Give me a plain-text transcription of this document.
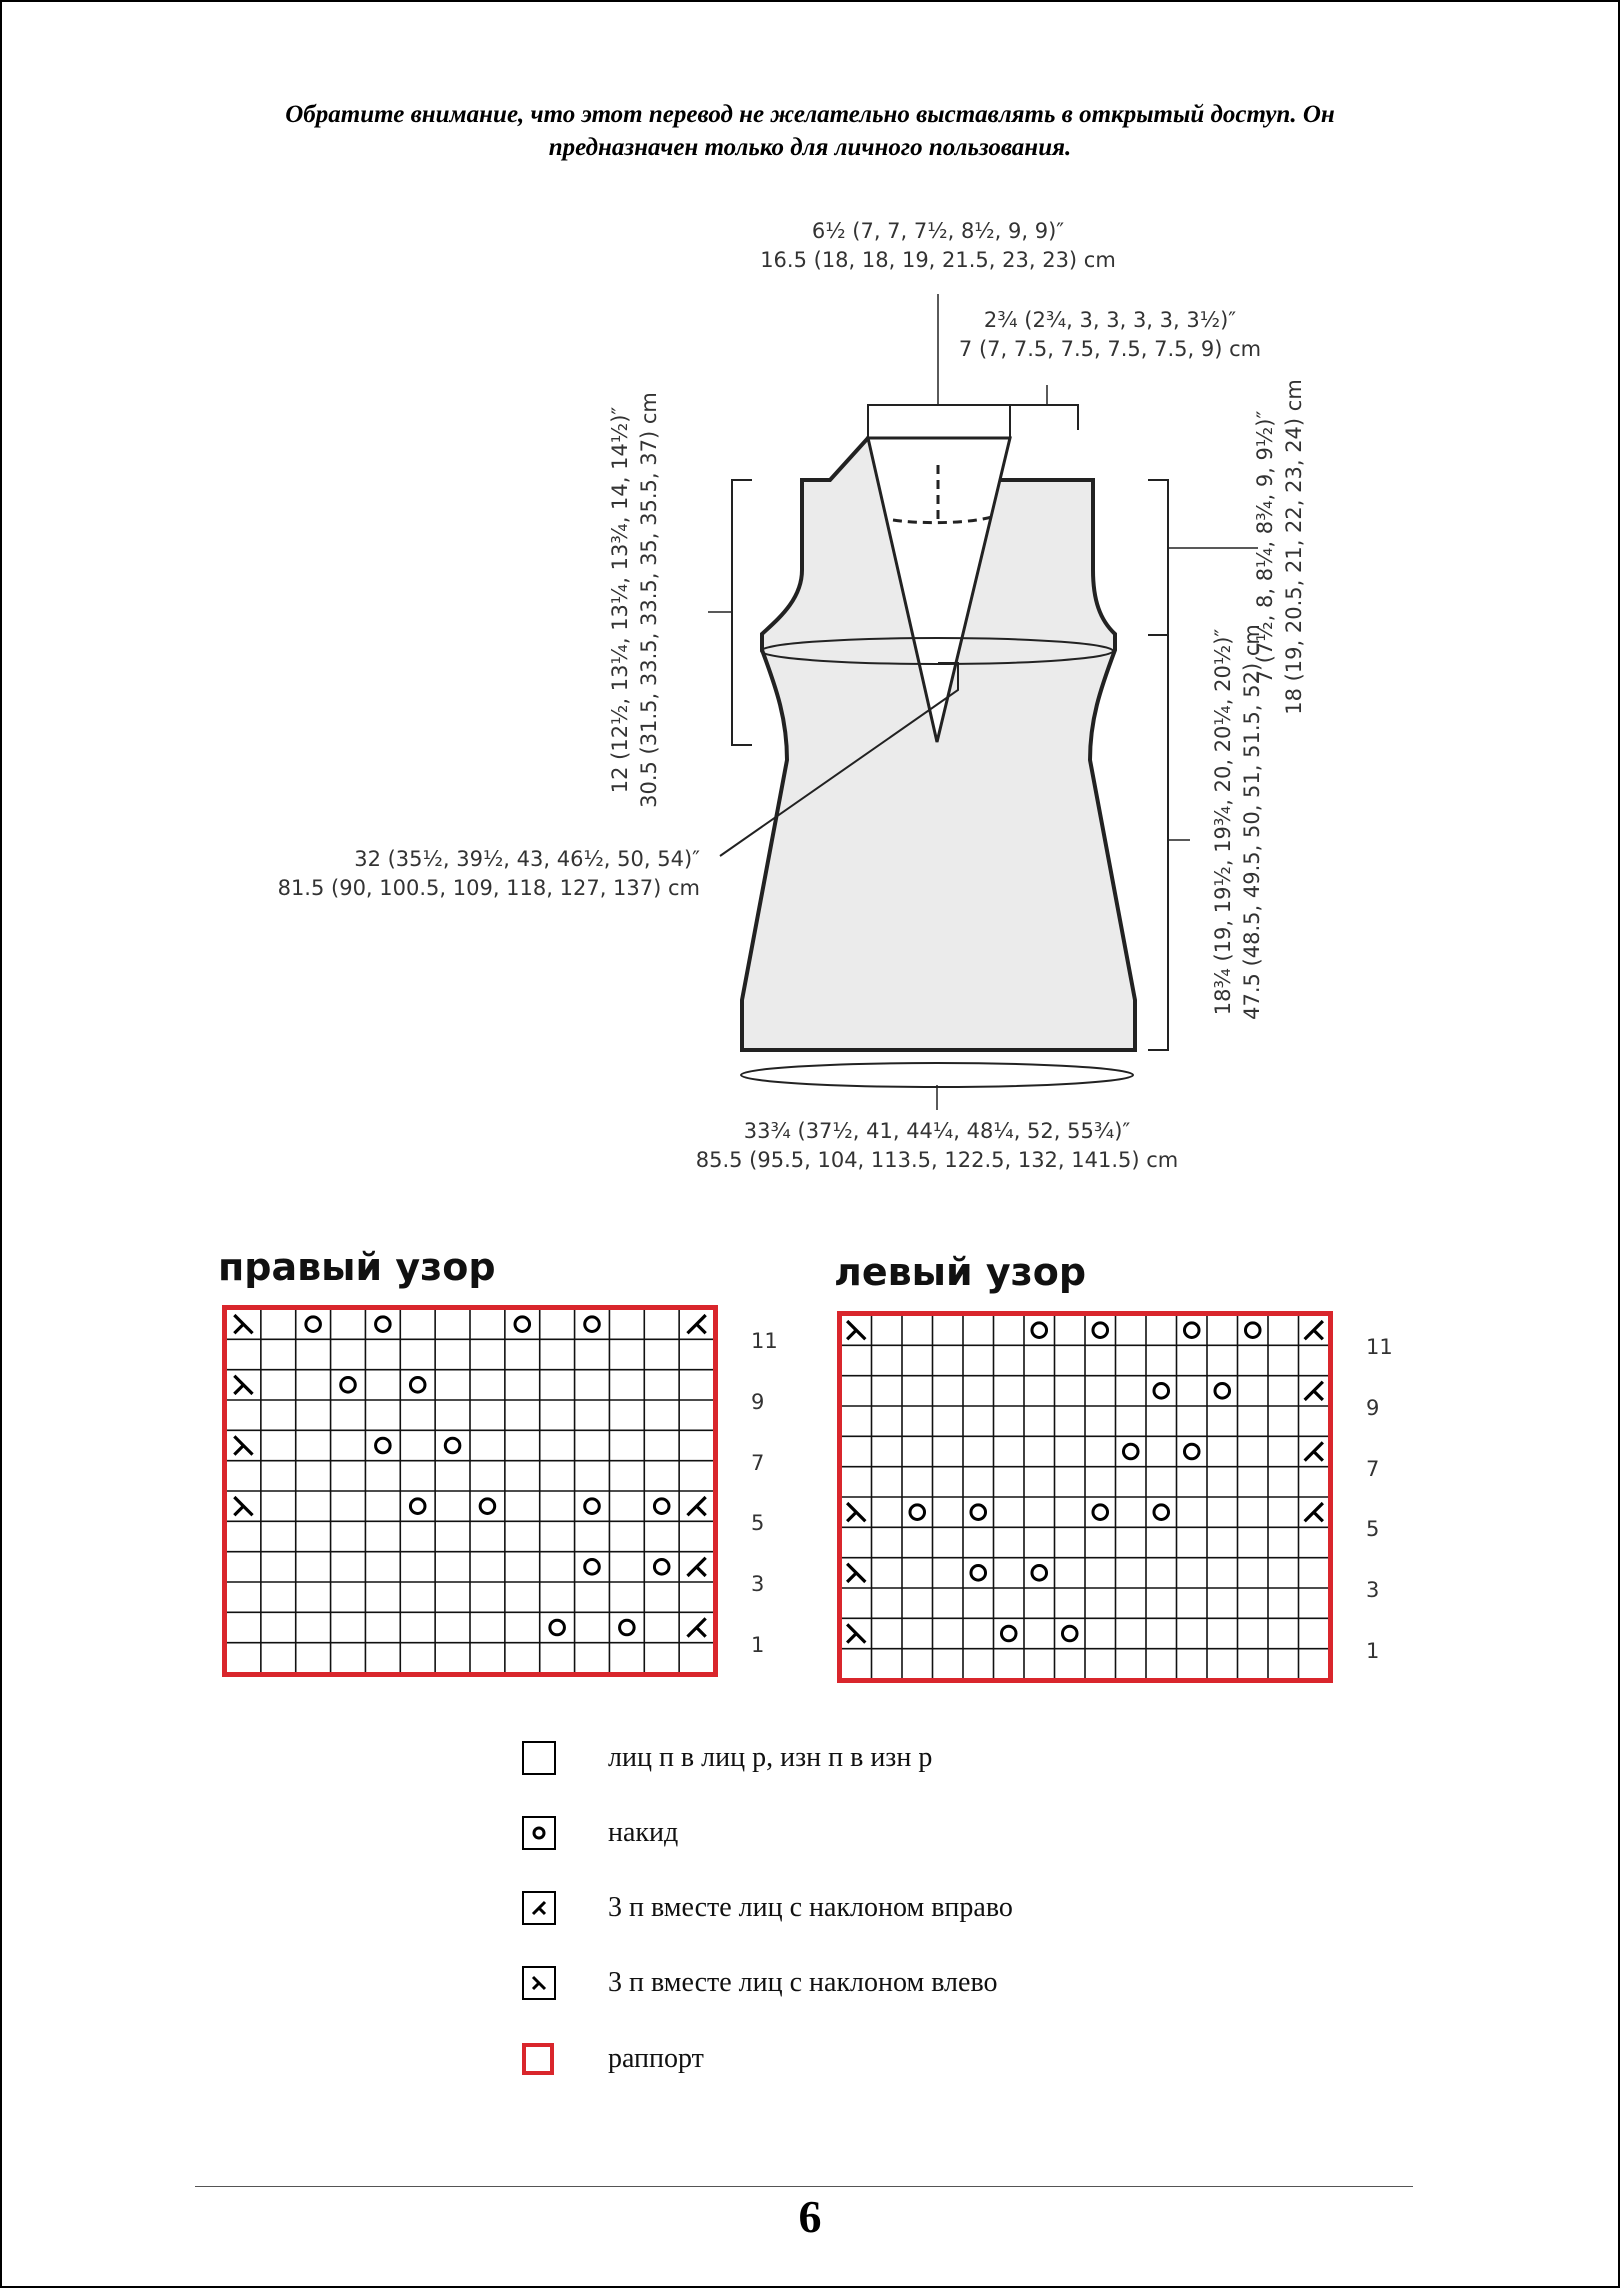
Обратите внимание, что этот перевод не желательно выставлять в открытый доступ. Он
предназначен только для личного пользования.
6½ (7, 7, 7½, 8½, 9, 9)″
16.5 (18, 18, 19, 21.5, 23, 23) cm
2¾ (2¾, 3, 3, 3, 3, 3½)″
7 (7, 7.5, 7.5, 7.5, 7.5, 9) cm
12 (12½, 13¼, 13¼, 13¾, 14, 14½)″ 30.5 (31.5, 33.5, 33.5, 35, 35.5, 37) cm	7 (7½, 8, 8¼, 8¾, 9, 9½)″ 18 (19, 20.5, 21, 22, 23, 24) cm
18¾ (19, 19½, 19¾, 20, 20¼, 20½)″ 47.5 (48.5, 49.5, 50, 51, 51.5, 52) cm
32 (35½, 39½, 43, 46½, 50, 54)″
81.5 (90, 100.5, 109, 118, 127, 137) cm
33¾ (37½, 41, 44¼, 48¼, 52, 55¾)″
85.5 (95.5, 104, 113.5, 122.5, 132, 141.5) cm
правый узор
11
9
7
5
3
1
левый узор
11
9
7
5
3
1
лиц п в лиц р, изн п в изн р
накид
3 п вместе лиц с наклоном вправо
3 п вместе лиц с наклоном влево
раппорт
6
